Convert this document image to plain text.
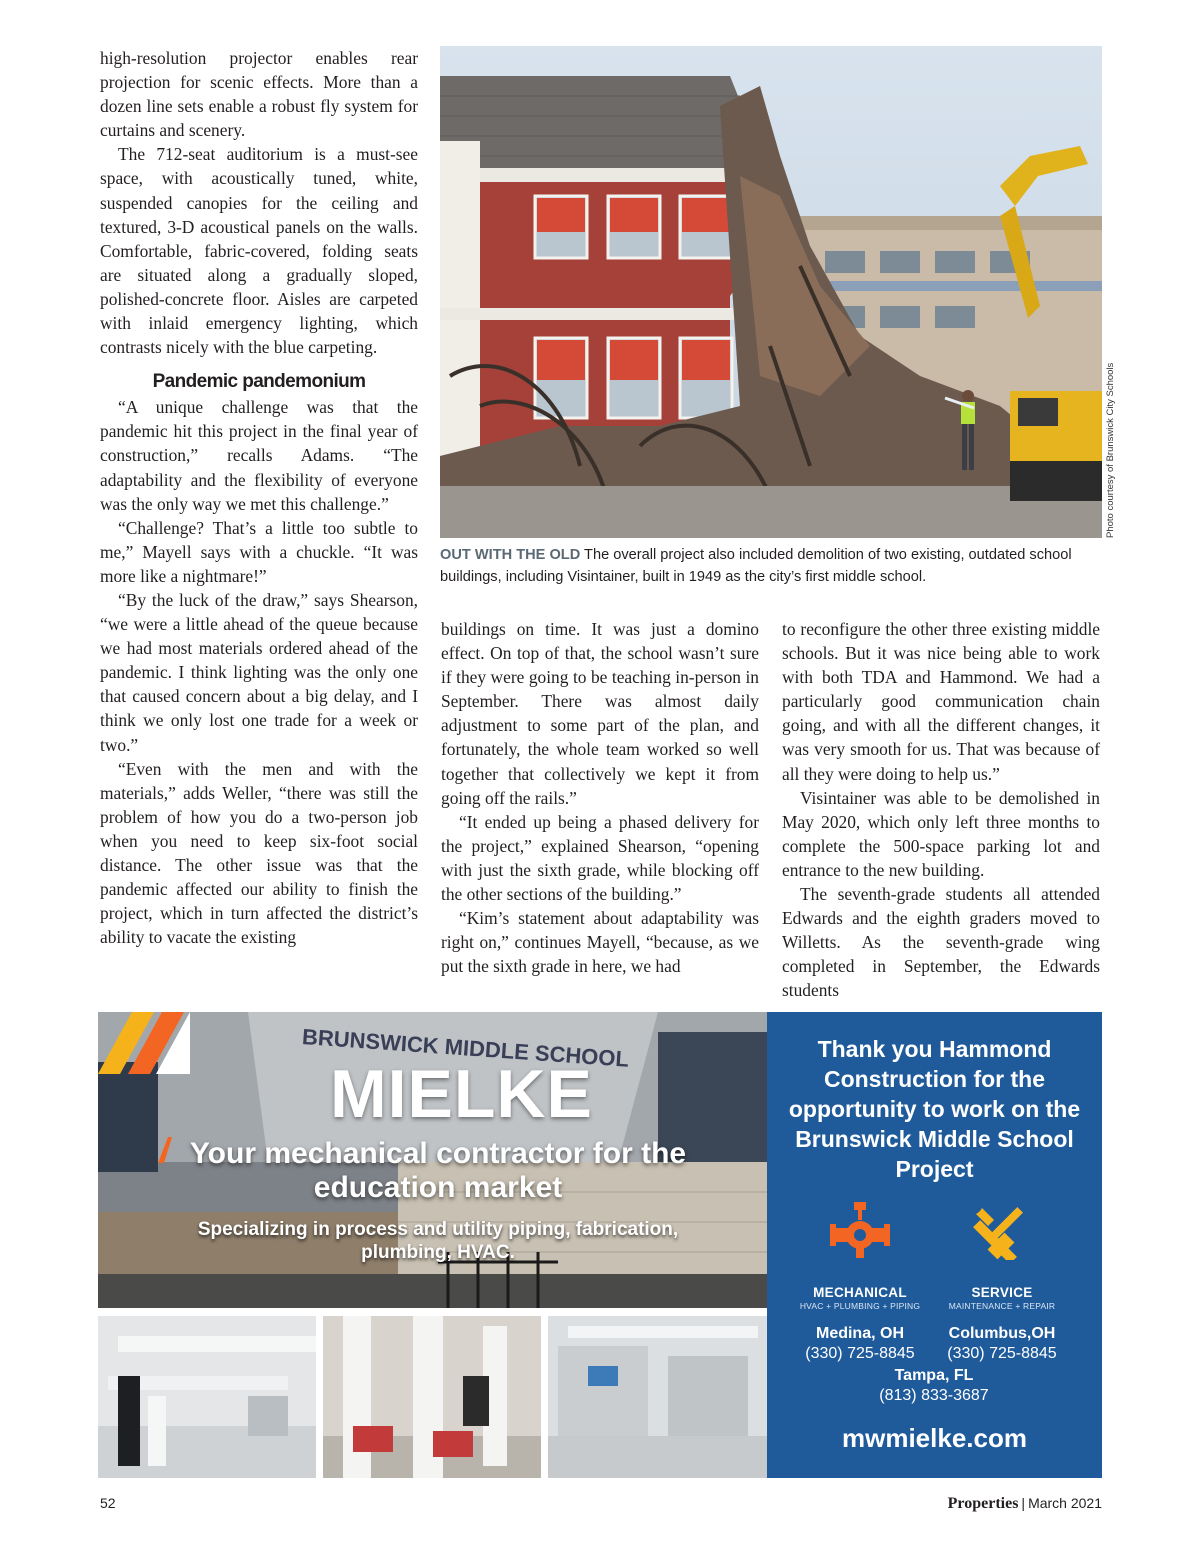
high-resolution projector enables rear projection for scenic effects. More than a dozen line sets enable a robust fly system for curtains and scenery.

The 712-seat auditorium is a must-see space, with acoustically tuned, white, suspended canopies for the ceiling and textured, 3-D acoustical panels on the walls. Comfortable, fabric-covered, folding seats are situated along a gradually sloped, polished-concrete floor. Aisles are carpeted with inlaid emergency lighting, which contrasts nicely with the blue carpeting.

Pandemic pandemonium

“A unique challenge was that the pandemic hit this project in the final year of construction,” recalls Adams. “The adaptability and the flexibility of everyone was the only way we met this challenge.”

“Challenge? That’s a little too subtle to me,” Mayell says with a chuckle. “It was more like a nightmare!”

“By the luck of the draw,” says Shearson, “we were a little ahead of the queue because we had most materials ordered ahead of the pandemic. I think lighting was the only one that caused concern about a big delay, and I think we only lost one trade for a week or two.”

“Even with the men and with the materials,” adds Weller, “there was still the problem of how you do a two-person job when you need to keep six-foot social distance. The other issue was that the pandemic affected our ability to finish the project, which in turn affected the district’s ability to vacate the existing

Photo courtesy of Brunswick City Schools
OUT WITH THE OLD The overall project also included demolition of two existing, outdated school buildings, including Visintainer, built in 1949 as the city’s first middle school.

buildings on time. It was just a domino effect. On top of that, the school wasn’t sure if they were going to be teaching in-person in September. There was almost daily adjustment to some part of the plan, and fortunately, the whole team worked so well together that collectively we kept it from going off the rails.”

“It ended up being a phased delivery for the project,” explained Shearson, “opening with just the sixth grade, while blocking off the other sections of the building.”

“Kim’s statement about adaptability was right on,” continues Mayell, “because, as we put the sixth grade in here, we had

to reconfigure the other three existing middle schools. But it was nice being able to work with both TDA and Hammond. We had a particularly good communication chain going, and with all the different changes, it was very smooth for us. That was because of all they were doing to help us.”

Visintainer was able to be demolished in May 2020, which only left three months to complete the 500-space parking lot and entrance to the new building.

The seventh-grade students all attended Edwards and the eighth graders moved to Willetts. As the seventh-grade wing completed in September, the Edwards students

BRUNSWICK MIDDLE SCHOOL
MIELKE
Your mechanical contractor for the education market
Specializing in process and utility piping, fabrication, plumbing, HVAC.
Thank you Hammond Construction for the opportunity to work on the Brunswick Middle School Project
MECHANICAL
HVAC + PLUMBING + PIPING
SERVICE
MAINTENANCE + REPAIR
Medina, OH
(330) 725-8845
Columbus,OH
(330) 725-8845
Tampa, FL
(813) 833-3687
mwmielke.com
52	Properties | March 2021
